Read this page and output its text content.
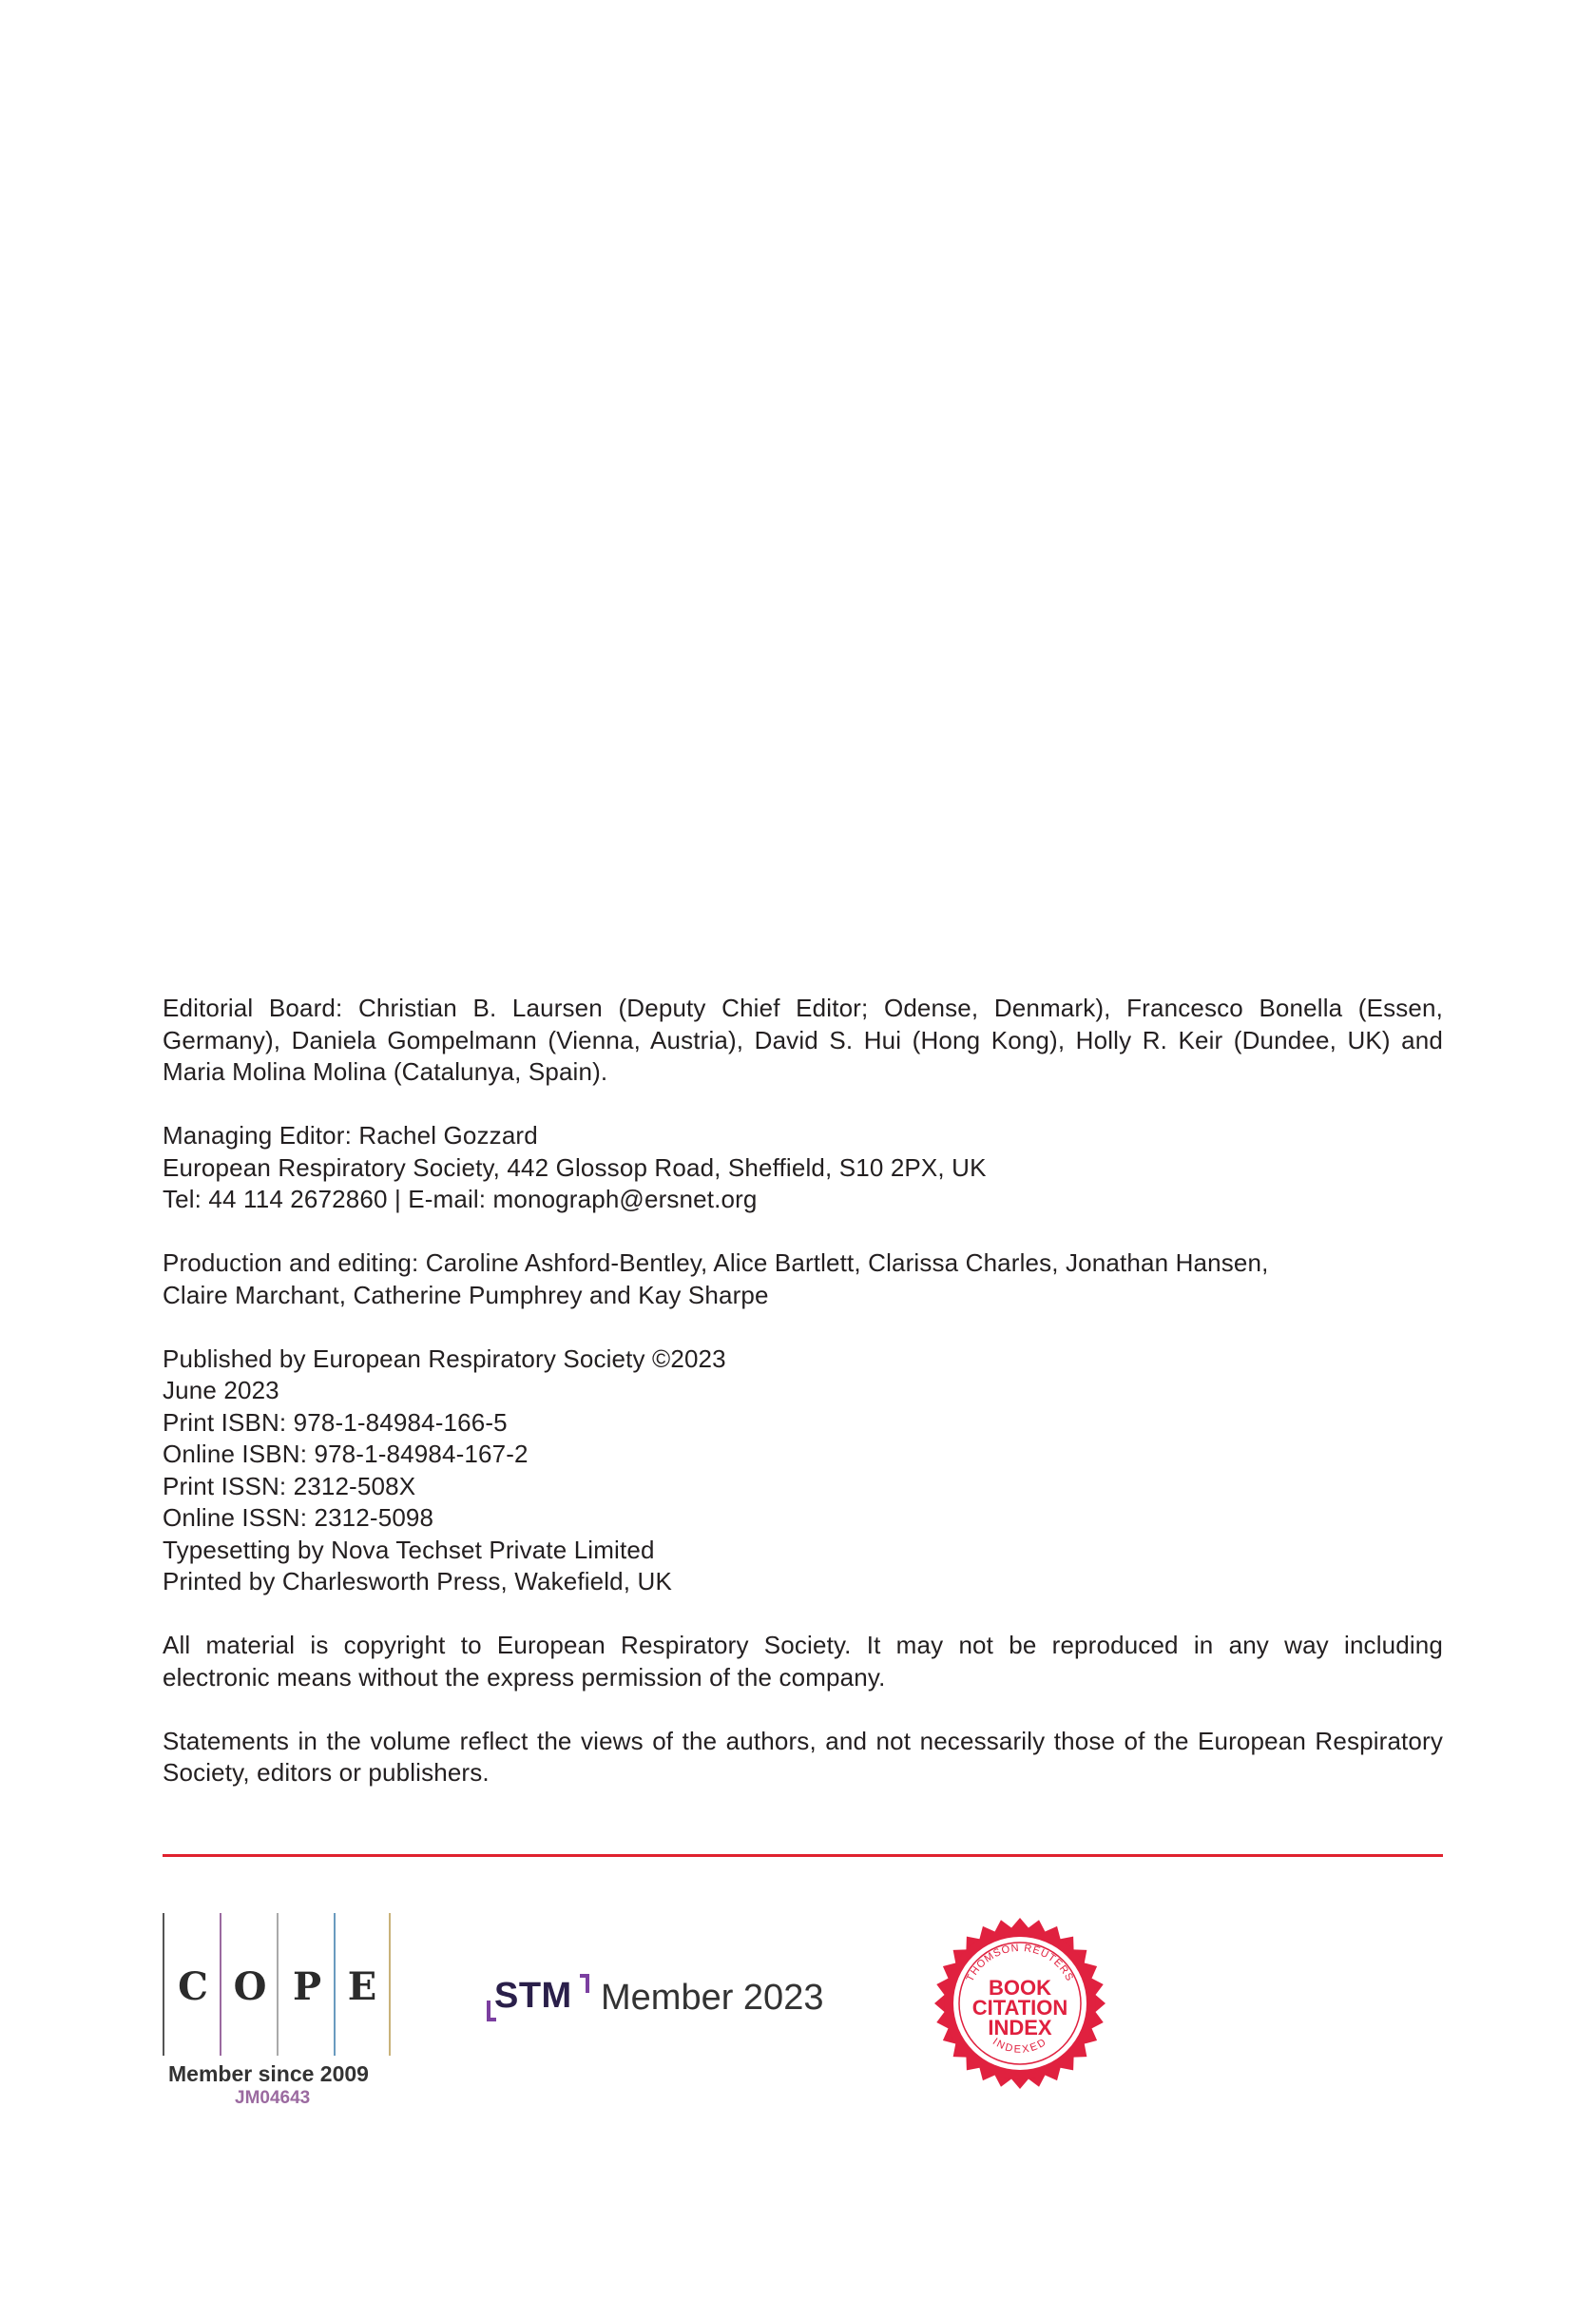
Editorial Board: Christian B. Laursen (Deputy Chief Editor; Odense, Denmark), Francesco Bonella (Essen,
Germany), Daniela Gompelmann (Vienna, Austria), David S. Hui (Hong Kong), Holly R. Keir (Dundee, UK) and
Maria Molina Molina (Catalunya, Spain).
Managing Editor: Rachel Gozzard
European Respiratory Society, 442 Glossop Road, Sheffield, S10 2PX, UK
Tel: 44 114 2672860 | E-mail: monograph@ersnet.org
Production and editing: Caroline Ashford-Bentley, Alice Bartlett, Clarissa Charles, Jonathan Hansen,
Claire Marchant, Catherine Pumphrey and Kay Sharpe
Published by European Respiratory Society ©2023
June 2023
Print ISBN: 978-1-84984-166-5
Online ISBN: 978-1-84984-167-2
Print ISSN: 2312-508X
Online ISSN: 2312-5098
Typesetting by Nova Techset Private Limited
Printed by Charlesworth Press, Wakefield, UK
All material is copyright to European Respiratory Society. It may not be reproduced in any way including
electronic means without the express permission of the company.
Statements in the volume reflect the views of the authors, and not necessarily those of the European Respiratory
Society, editors or publishers.
C O P E
Member since 2009
JM04643
STM Member 2023
THOMSON REUTERS
BOOK
CITATION
INDEX
INDEXED
